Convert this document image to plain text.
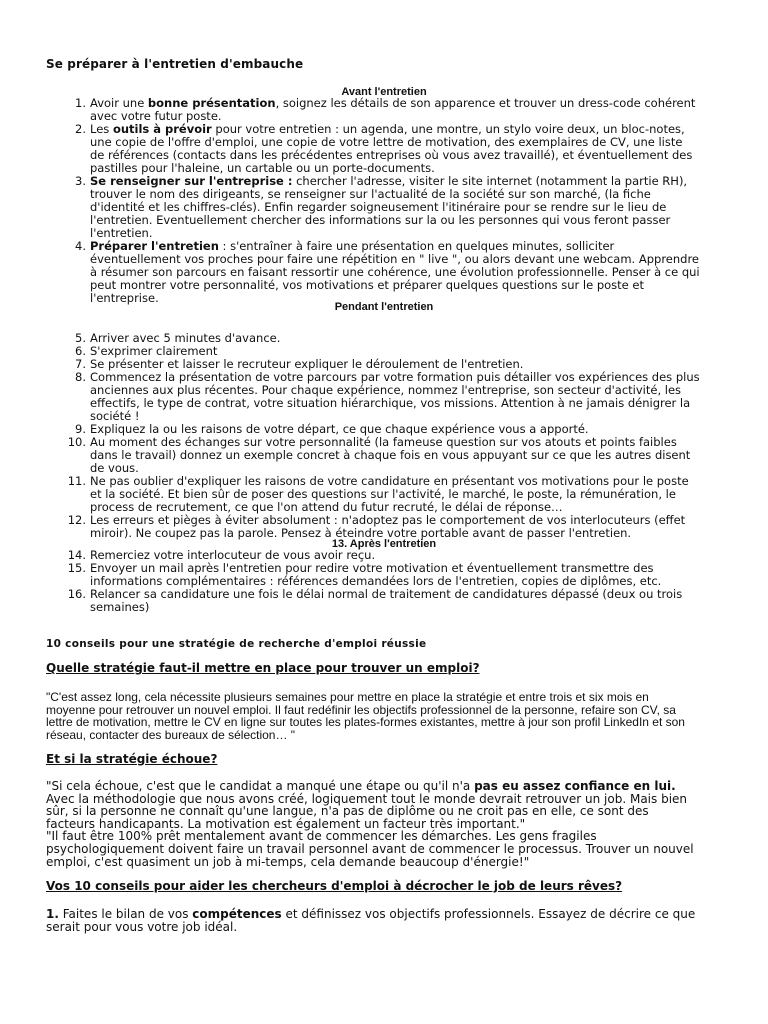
Se préparer à l'entretien d'embauche
Avant l'entretien
1. Avoir une bonne présentation, soignez les détails de son apparence et trouver un dress-code cohérent avec votre futur poste.
2. Les outils à prévoir pour votre entretien : un agenda, une montre, un stylo voire deux, un bloc-notes, une copie de l'offre d'emploi, une copie de votre lettre de motivation, des exemplaires de CV, une liste de références (contacts dans les précédentes entreprises où vous avez travaillé), et éventuellement des pastilles pour l'haleine, un cartable ou un porte-documents.
3. Se renseigner sur l'entreprise : chercher l'adresse, visiter le site internet (notamment la partie RH), trouver le nom des dirigeants, se renseigner sur l'actualité de la société sur son marché, (la fiche d'identité et les chiffres-clés). Enfin regarder soigneusement l'itinéraire pour se rendre sur le lieu de l'entretien. Eventuellement chercher des informations sur la ou les personnes qui vous feront passer l'entretien.
4. Préparer l'entretien : s'entraîner à faire une présentation en quelques minutes, solliciter éventuellement vos proches pour faire une répétition en " live ", ou alors devant une webcam. Apprendre à résumer son parcours en faisant ressortir une cohérence, une évolution professionnelle. Penser à ce qui peut montrer votre personnalité, vos motivations et préparer quelques questions sur le poste et l'entreprise.
Pendant l'entretien
5. Arriver avec 5 minutes d'avance.
6. S'exprimer clairement
7. Se présenter et laisser le recruteur expliquer le déroulement de l'entretien.
8. Commencez la présentation de votre parcours par votre formation puis détailler vos expériences des plus anciennes aux plus récentes. Pour chaque expérience, nommez l'entreprise, son secteur d'activité, les effectifs, le type de contrat, votre situation hiérarchique, vos missions. Attention à ne jamais dénigrer la société !
9. Expliquez la ou les raisons de votre départ, ce que chaque expérience vous a apporté.
10. Au moment des échanges sur votre personnalité (la fameuse question sur vos atouts et points faibles dans le travail) donnez un exemple concret à chaque fois en vous appuyant sur ce que les autres disent de vous.
11. Ne pas oublier d'expliquer les raisons de votre candidature en présentant vos motivations pour le poste et la société. Et bien sûr de poser des questions sur l'activité, le marché, le poste, la rémunération, le process de recrutement, ce que l'on attend du futur recruté, le délai de réponse…
12. Les erreurs et pièges à éviter absolument : n'adoptez pas le comportement de vos interlocuteurs (effet miroir). Ne coupez pas la parole. Pensez à éteindre votre portable avant de passer l'entretien.
13. Après l'entretien
14. Remerciez votre interlocuteur de vous avoir reçu.
15. Envoyer un mail après l'entretien pour redire votre motivation et éventuellement transmettre des informations complémentaires : références demandées lors de l'entretien, copies de diplômes, etc.
16. Relancer sa candidature une fois le délai normal de traitement de candidatures dépassé (deux ou trois semaines)
10 conseils pour une stratégie de recherche d'emploi réussie
Quelle stratégie faut-il mettre en place pour trouver un emploi?
"C'est assez long, cela nécessite plusieurs semaines pour mettre en place la stratégie et entre trois et six mois en moyenne pour retrouver un nouvel emploi. Il faut redéfinir les objectifs professionnel de la personne, refaire son CV, sa lettre de motivation, mettre le CV en ligne sur toutes les plates-formes existantes, mettre à jour son profil LinkedIn et son réseau, contacter des bureaux de sélection… "
Et si la stratégie échoue?
"Si cela échoue, c'est que le candidat a manqué une étape ou qu'il n'a pas eu assez confiance en lui. Avec la méthodologie que nous avons créé, logiquement tout le monde devrait retrouver un job. Mais bien sûr, si la personne ne connaît qu'une langue, n'a pas de diplôme ou ne croit pas en elle, ce sont des facteurs handicapants. La motivation est également un facteur très important."
"Il faut être 100% prêt mentalement avant de commencer les démarches. Les gens fragiles psychologiquement doivent faire un travail personnel avant de commencer le processus. Trouver un nouvel emploi, c'est quasiment un job à mi-temps, cela demande beaucoup d'énergie!"
Vos 10 conseils pour aider les chercheurs d'emploi à décrocher le job de leurs rêves?
1. Faites le bilan de vos compétences et définissez vos objectifs professionnels. Essayez de décrire ce que serait pour vous votre job idéal.
